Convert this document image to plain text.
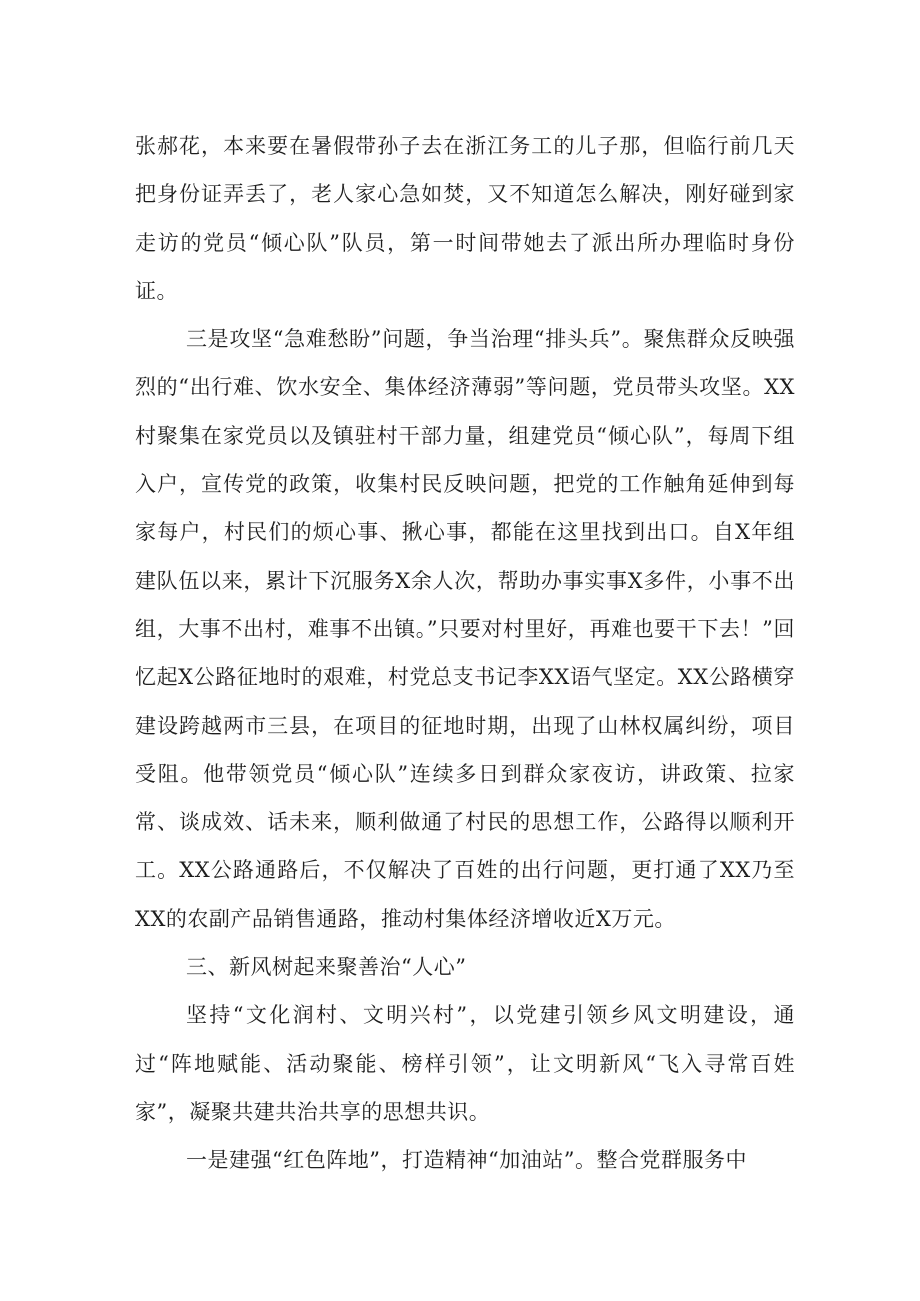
张郝花，本来要在暑假带孙子去在浙江务工的儿子那，但临行前几天把身份证弄丢了，老人家心急如焚，又不知道怎么解决，刚好碰到家走访的党员“倾心队”队员，第一时间带她去了派出所办理临时身份证。

三是攻坚“急难愁盼”问题，争当治理“排头兵”。聚焦群众反映强烈的“出行难、饮水安全、集体经济薄弱”等问题，党员带头攻坚。XX村聚集在家党员以及镇驻村干部力量，组建党员“倾心队”，每周下组入户，宣传党的政策，收集村民反映问题，把党的工作触角延伸到每家每户，村民们的烦心事、揪心事，都能在这里找到出口。自X年组建队伍以来，累计下沉服务X余人次，帮助办事实事X多件，小事不出组，大事不出村，难事不出镇。”只要对村里好，再难也要干下去！”回忆起X公路征地时的艰难，村党总支书记李XX语气坚定。XX公路横穿建设跨越两市三县，在项目的征地时期，出现了山林权属纠纷，项目受阻。他带领党员“倾心队”连续多日到群众家夜访，讲政策、拉家常、谈成效、话未来，顺利做通了村民的思想工作，公路得以顺利开工。XX公路通路后，不仅解决了百姓的出行问题，更打通了XX乃至XX的农副产品销售通路，推动村集体经济增收近X万元。

三、新风树起来聚善治“人心”

坚持“文化润村、文明兴村”，以党建引领乡风文明建设，通过“阵地赋能、活动聚能、榜样引领”，让文明新风“飞入寻常百姓家”，凝聚共建共治共享的思想共识。

一是建强“红色阵地”，打造精神“加油站”。整合党群服务中
